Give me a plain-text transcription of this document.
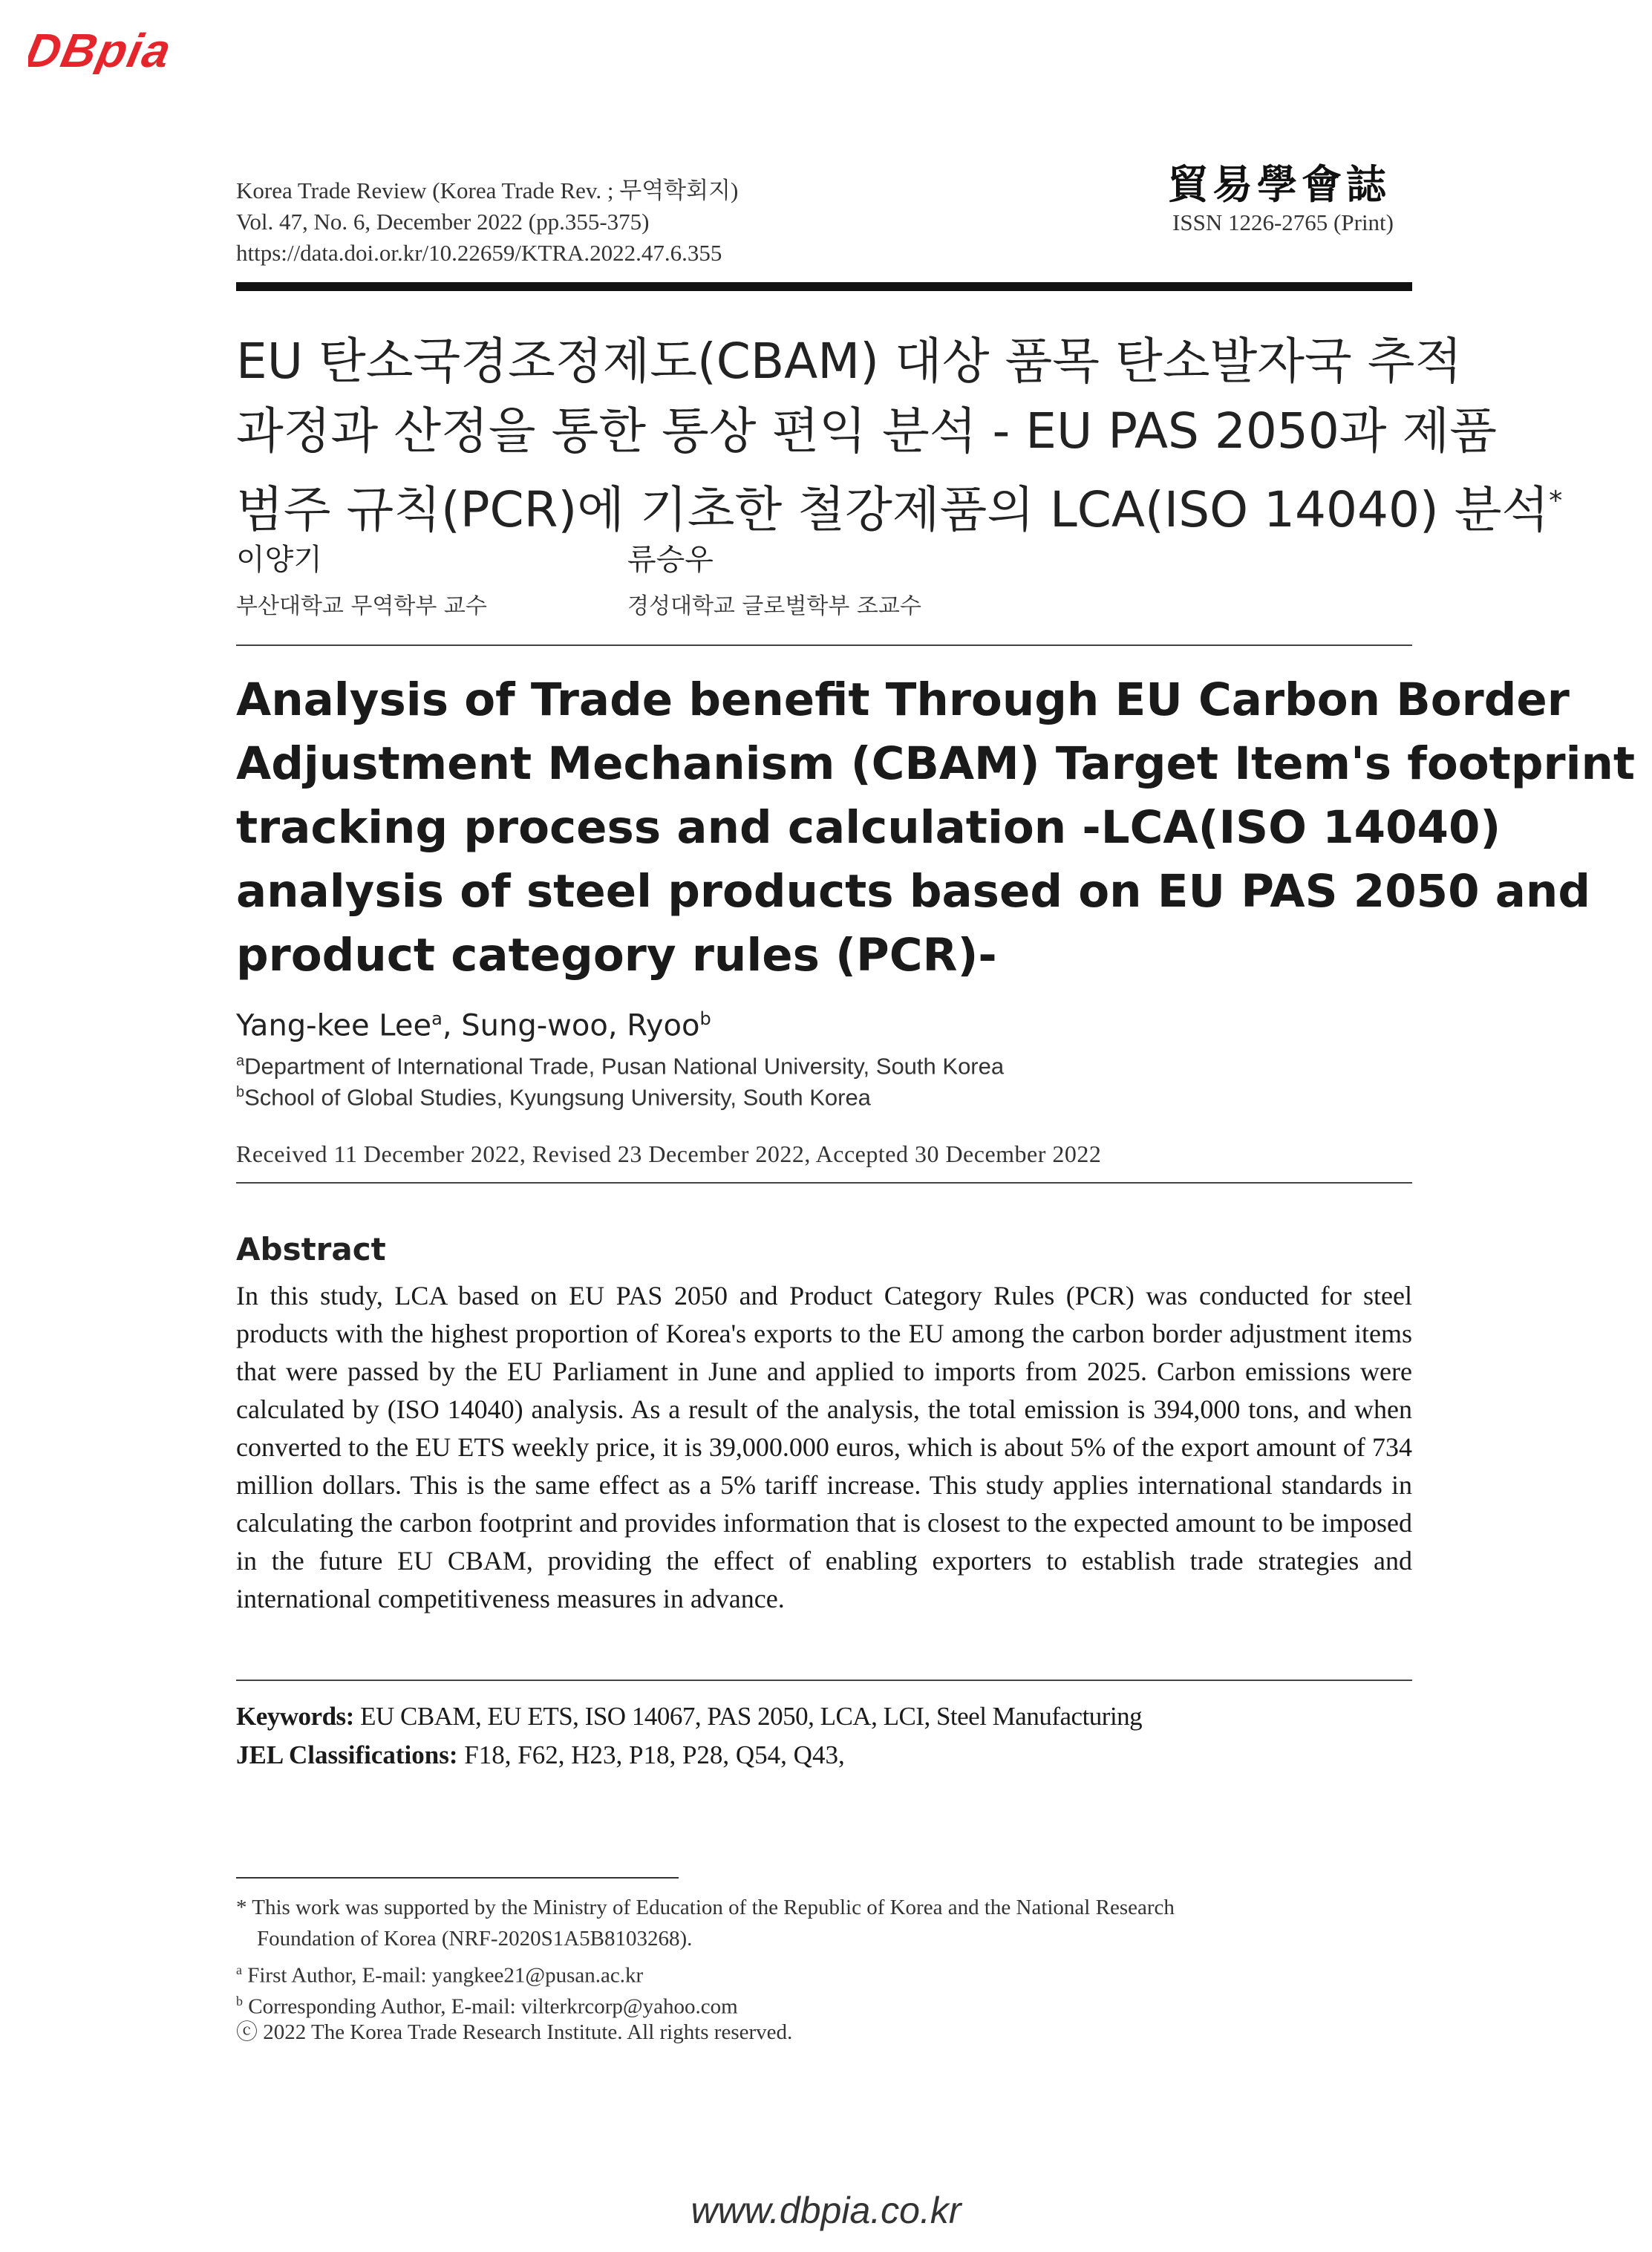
DBpia
Korea Trade Review (Korea Trade Rev. ; 무역학회지)
Vol. 47, No. 6, December 2022 (pp.355-375)
https://data.doi.or.kr/10.22659/KTRA.2022.47.6.355
貿易學會誌
ISSN 1226-2765 (Print)
EU 탄소국경조정제도(CBAM) 대상 품목 탄소발자국 추적
과정과 산정을 통한 통상 편익 분석 - EU PAS 2050과 제품
범주 규칙(PCR)에 기초한 철강제품의 LCA(ISO 14040) 분석*
이양기
부산대학교 무역학부 교수
류승우
경성대학교 글로벌학부 조교수
Analysis of Trade benefit Through EU Carbon Border
Adjustment Mechanism (CBAM) Target Item's footprint
tracking process and calculation -LCA(ISO 14040)
analysis of steel products based on EU PAS 2050 and
product category rules (PCR)-
Yang-kee Lee$^a$, Sung-woo, Ryoo$^b$
$^a$Department of International Trade, Pusan National University, South Korea
$^b$School of Global Studies, Kyungsung University, South Korea
Received 11 December 2022, Revised 23 December 2022, Accepted 30 December 2022
Abstract

In this study, LCA based on EU PAS 2050 and Product Category Rules (PCR) was conducted for steel products with the highest proportion of Korea's exports to the EU among the carbon border adjustment items that were passed by the EU Parliament in June and applied to imports from 2025. Carbon emissions were calculated by (ISO 14040) analysis. As a result of the analysis, the total emission is 394,000 tons, and when converted to the EU ETS weekly price, it is 39,000.000 euros, which is about 5% of the export amount of 734 million dollars. This is the same effect as a 5% tariff increase. This study applies international standards in calculating the carbon footprint and provides information that is closest to the expected amount to be imposed in the future EU CBAM, providing the effect of enabling exporters to establish trade strategies and international competitiveness measures in advance.

Keywords: EU CBAM, EU ETS, ISO 14067, PAS 2050, LCA, LCI, Steel Manufacturing
JEL Classifications: F18, F62, H23, P18, P28, Q54, Q43,
* This work was supported by the Ministry of Education of the Republic of Korea and the National Research
Foundation of Korea (NRF-2020S1A5B8103268).
$^a$ First Author, E-mail: yangkee21@pusan.ac.kr
$^b$ Corresponding Author, E-mail: vilterkrcorp@yahoo.com
ⓒ 2022 The Korea Trade Research Institute. All rights reserved.
www.dbpia.co.kr
